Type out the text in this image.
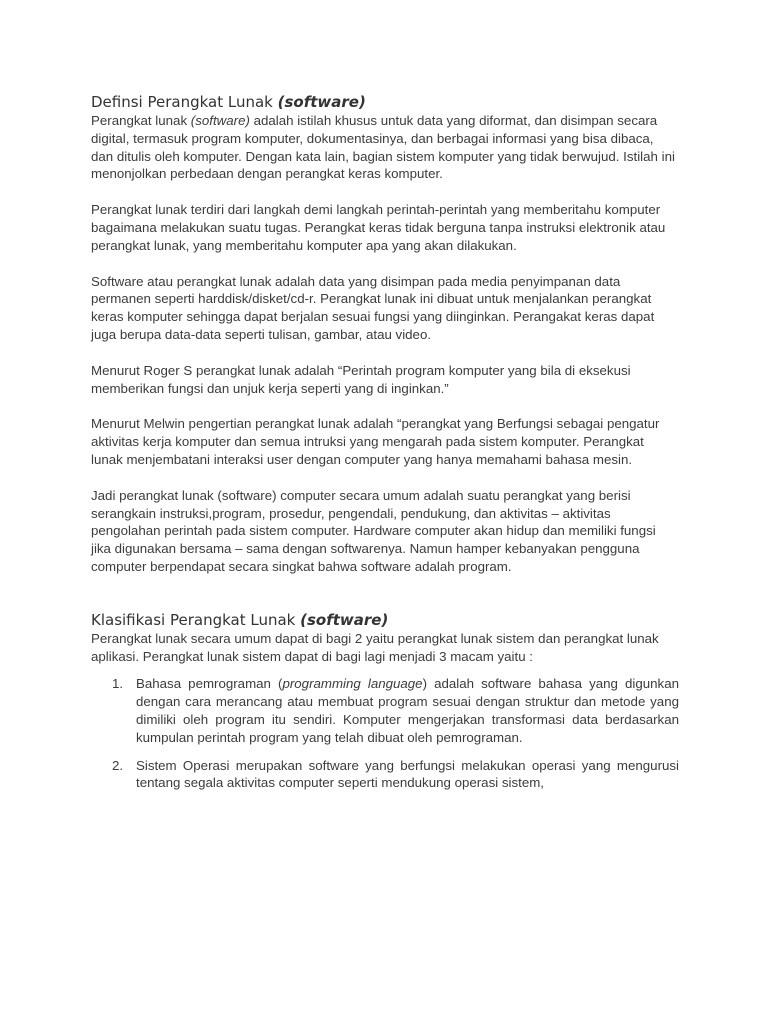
Definsi Perangkat Lunak (software)

Perangkat lunak (software) adalah istilah khusus untuk data yang diformat, dan disimpan secara digital, termasuk program komputer, dokumentasinya, dan berbagai informasi yang bisa dibaca, dan ditulis oleh komputer. Dengan kata lain, bagian sistem komputer yang tidak berwujud. Istilah ini menonjolkan perbedaan dengan perangkat keras komputer.

Perangkat lunak terdiri dari langkah demi langkah perintah-perintah yang memberitahu komputer bagaimana melakukan suatu tugas. Perangkat keras tidak berguna tanpa instruksi elektronik atau perangkat lunak, yang memberitahu komputer apa yang akan dilakukan.

Software atau perangkat lunak adalah data yang disimpan pada media penyimpanan data permanen seperti harddisk/disket/cd-r. Perangkat lunak ini dibuat untuk menjalankan perangkat keras komputer sehingga dapat berjalan sesuai fungsi yang diinginkan. Perangakat keras dapat juga berupa data-data seperti tulisan, gambar, atau video.

Menurut Roger S perangkat lunak adalah “Perintah program komputer yang bila di eksekusi memberikan fungsi dan unjuk kerja seperti yang di inginkan.”

Menurut Melwin pengertian perangkat lunak adalah “perangkat yang Berfungsi sebagai pengatur aktivitas kerja komputer dan semua intruksi yang mengarah pada sistem komputer. Perangkat lunak menjembatani interaksi user dengan computer yang hanya memahami bahasa mesin.

Jadi perangkat lunak (software) computer secara umum adalah suatu perangkat yang berisi serangkain instruksi,program, prosedur, pengendali, pendukung, dan aktivitas – aktivitas pengolahan perintah pada sistem computer. Hardware computer akan hidup dan memiliki fungsi jika digunakan bersama – sama dengan softwarenya. Namun hamper kebanyakan pengguna computer berpendapat secara singkat bahwa software adalah program.

Klasifikasi Perangkat Lunak (software)

Perangkat lunak secara umum dapat di bagi 2 yaitu perangkat lunak sistem dan perangkat lunak aplikasi. Perangkat lunak sistem dapat di bagi lagi menjadi 3 macam yaitu :

1. Bahasa pemrograman (programming language) adalah software bahasa yang digunkan dengan cara merancang atau membuat program sesuai dengan struktur dan metode yang dimiliki oleh program itu sendiri. Komputer mengerjakan transformasi data berdasarkan kumpulan perintah program yang telah dibuat oleh pemrograman.
2. Sistem Operasi merupakan software yang berfungsi melakukan operasi yang mengurusi tentang segala aktivitas computer seperti mendukung operasi sistem,
